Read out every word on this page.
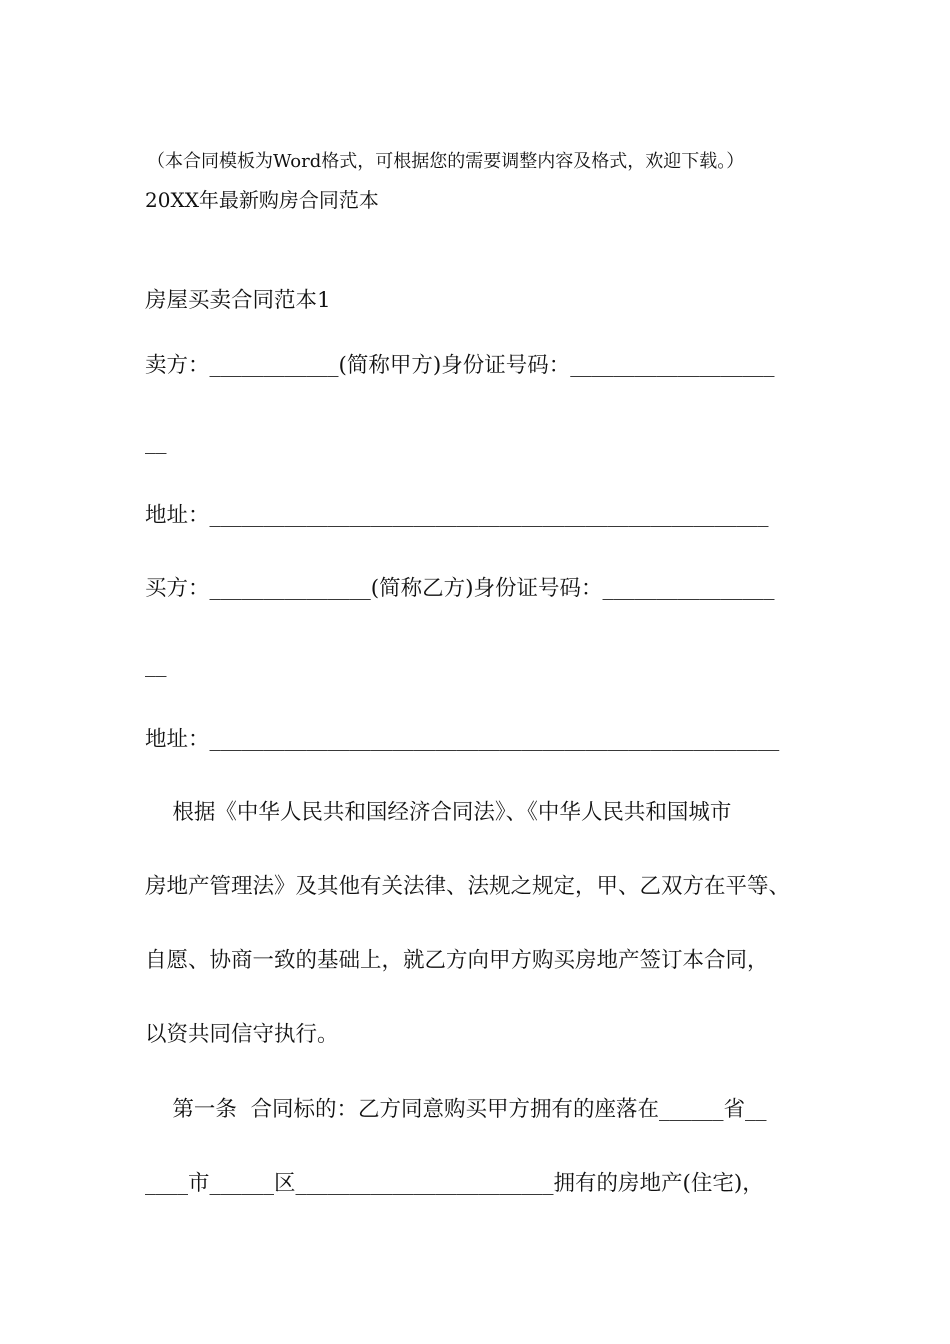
（本合同模板为Word格式，可根据您的需要调整内容及格式，欢迎下载。）
20XX年最新购房合同范本
房屋买卖合同范本1
卖方：____________(简称甲方)身份证号码：___________________
__
地址：____________________________________________________
买方：_______________(简称乙方)身份证号码：________________
__
地址：_____________________________________________________
根据《中华人民共和国经济合同法》、《中华人民共和国城市
房地产管理法》及其他有关法律、法规之规定，甲、乙双方在平等、
自愿、协商一致的基础上，就乙方向甲方购买房地产签订本合同，
以资共同信守执行。
第一条  合同标的：乙方同意购买甲方拥有的座落在______省__
____市______区________________________拥有的房地产(住宅)，
